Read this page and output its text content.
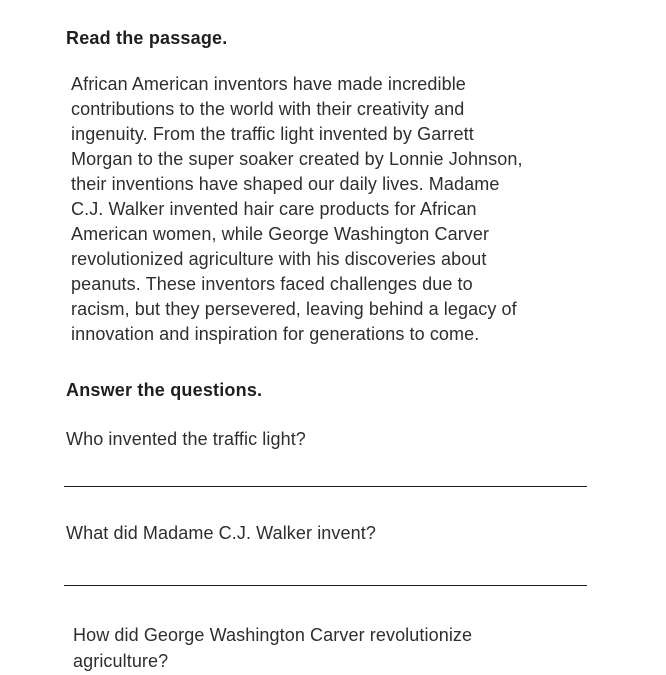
Read the passage.
African American inventors have made incredible
contributions to the world with their creativity and
ingenuity. From the traffic light invented by Garrett
Morgan to the super soaker created by Lonnie Johnson,
their inventions have shaped our daily lives. Madame
C.J. Walker invented hair care products for African
American women, while George Washington Carver
revolutionized agriculture with his discoveries about
peanuts. These inventors faced challenges due to
racism, but they persevered, leaving behind a legacy of
innovation and inspiration for generations to come.
Answer the questions.
Who invented the traffic light?
What did Madame C.J. Walker invent?
How did George Washington Carver revolutionize agriculture?
